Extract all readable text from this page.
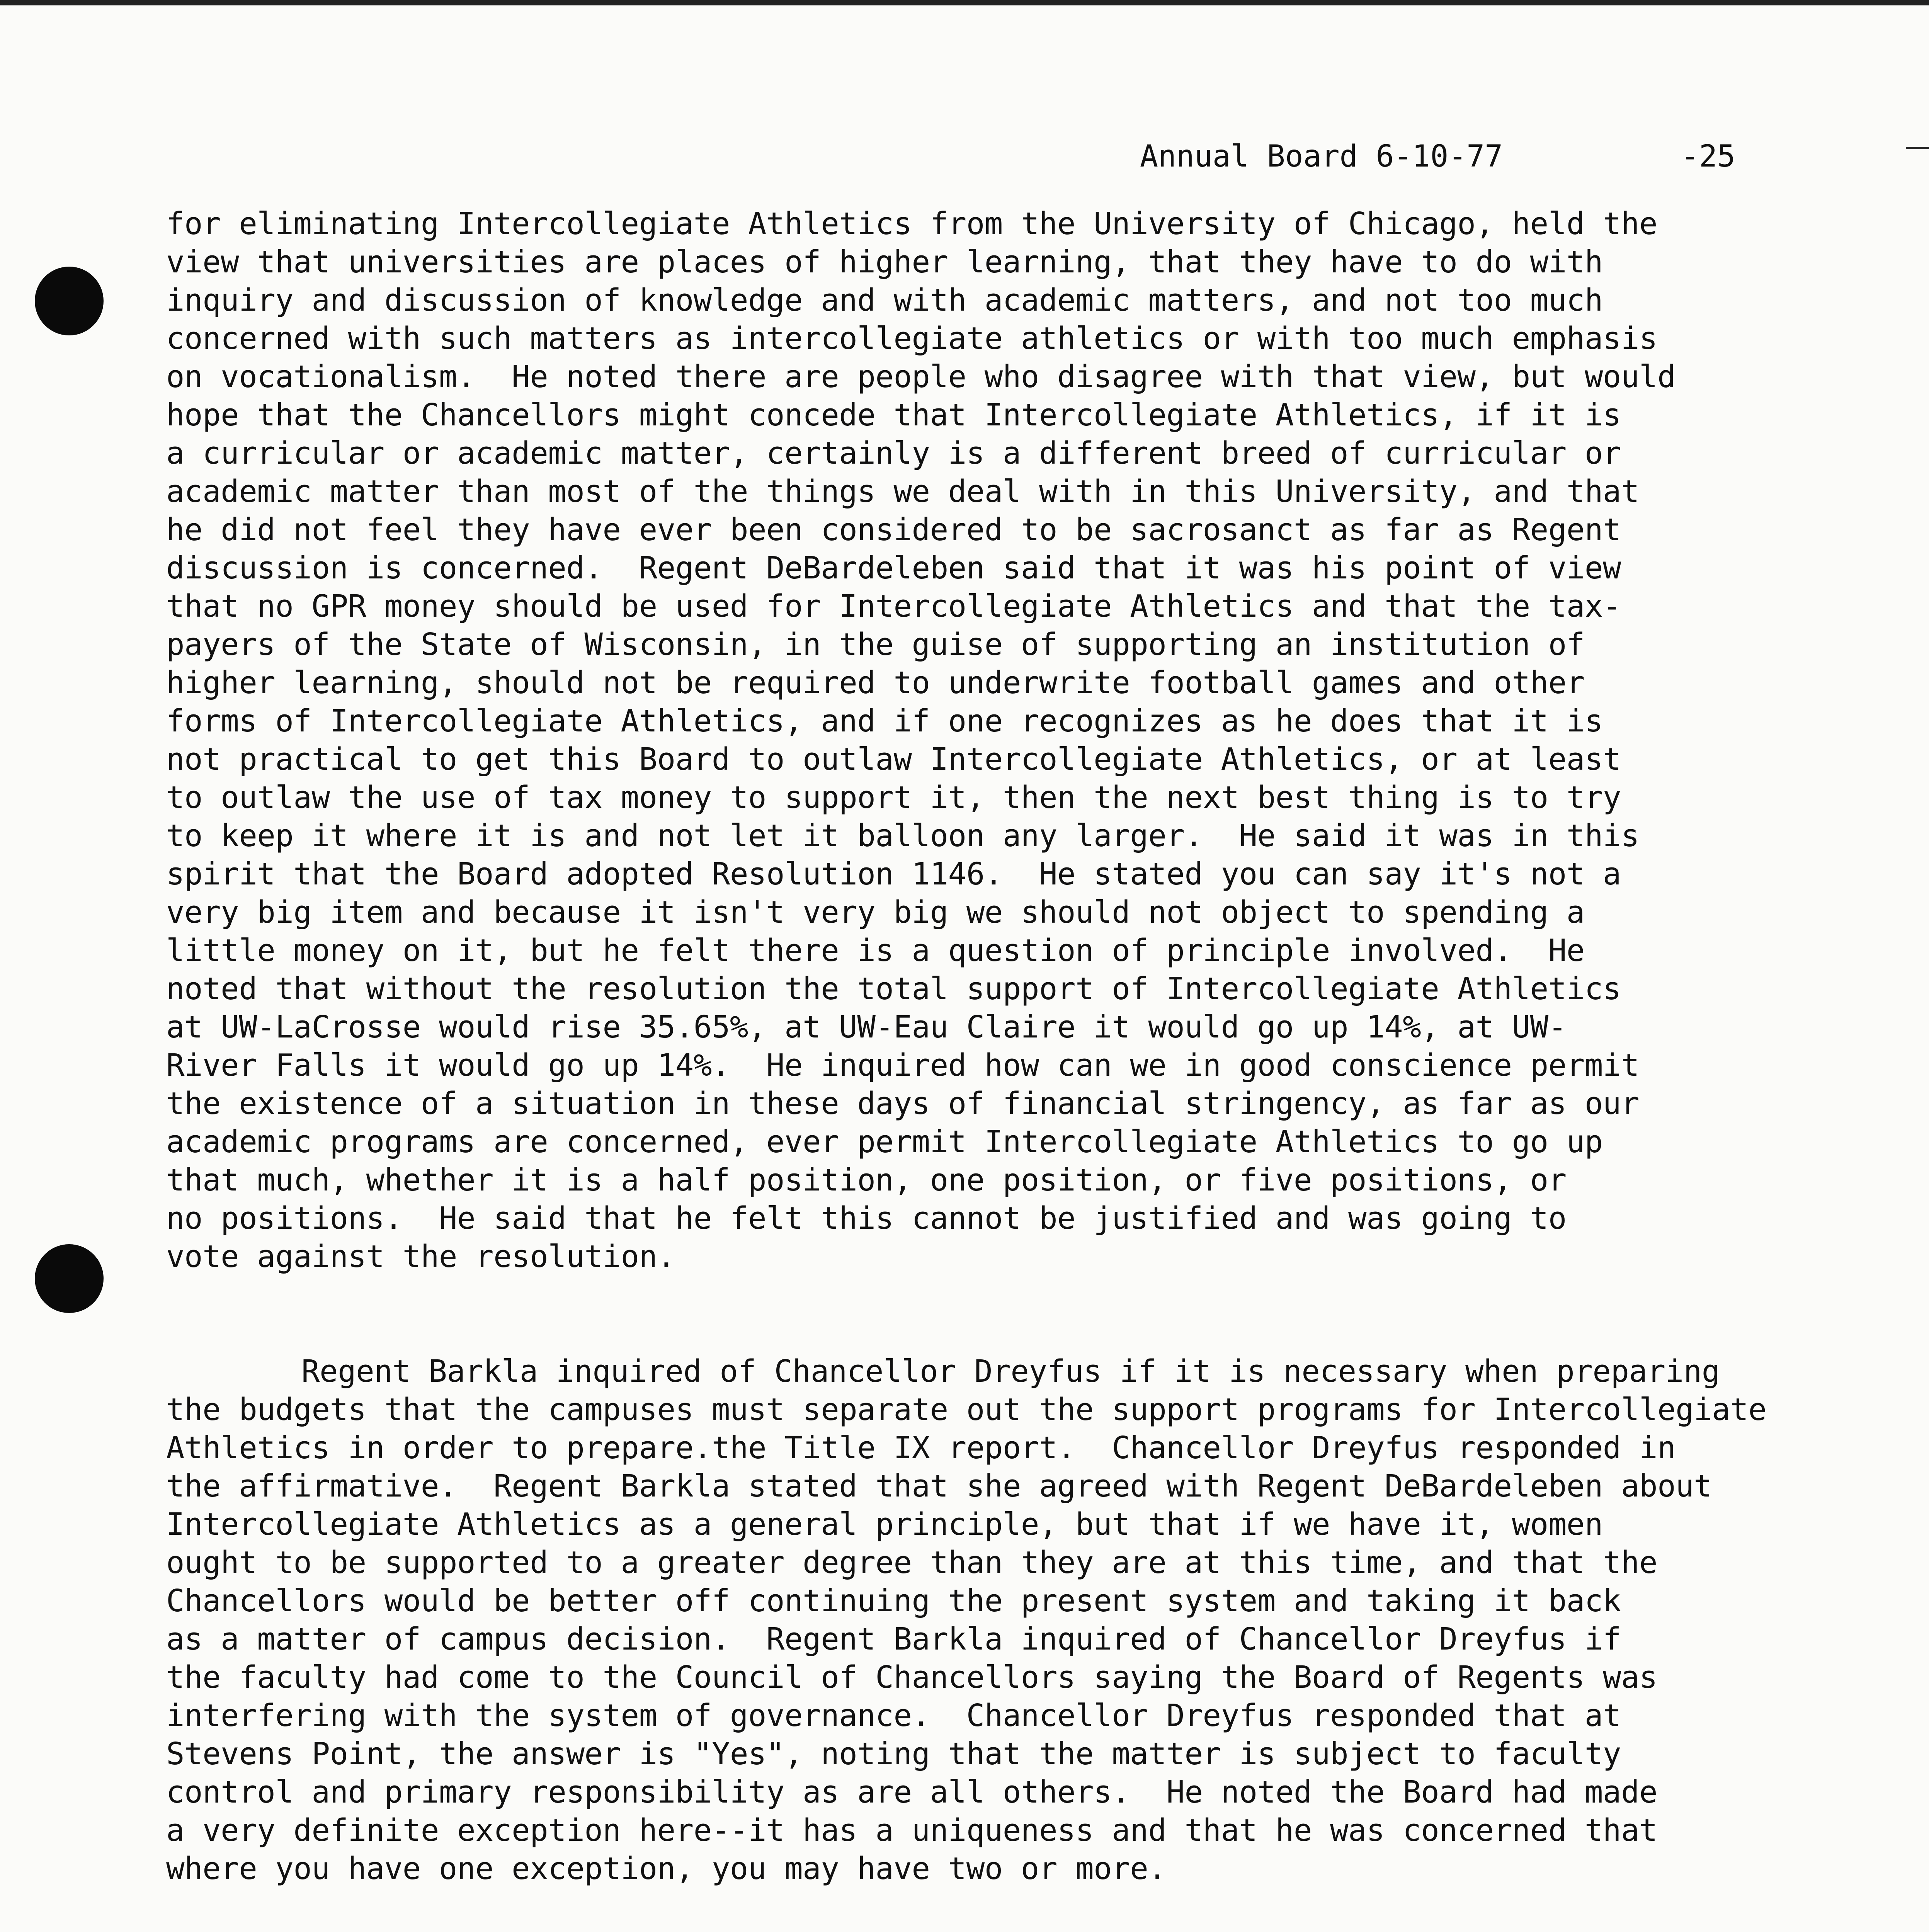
Annual Board 6-10-77	-25
for eliminating Intercollegiate Athletics from the University of Chicago, held the
view that universities are places of higher learning, that they have to do with
inquiry and discussion of knowledge and with academic matters, and not too much
concerned with such matters as intercollegiate athletics or with too much emphasis
on vocationalism.  He noted there are people who disagree with that view, but would
hope that the Chancellors might concede that Intercollegiate Athletics, if it is
a curricular or academic matter, certainly is a different breed of curricular or
academic matter than most of the things we deal with in this University, and that
he did not feel they have ever been considered to be sacrosanct as far as Regent
discussion is concerned.  Regent DeBardeleben said that it was his point of view
that no GPR money should be used for Intercollegiate Athletics and that the tax-
payers of the State of Wisconsin, in the guise of supporting an institution of
higher learning, should not be required to underwrite football games and other
forms of Intercollegiate Athletics, and if one recognizes as he does that it is
not practical to get this Board to outlaw Intercollegiate Athletics, or at least
to outlaw the use of tax money to support it, then the next best thing is to try
to keep it where it is and not let it balloon any larger.  He said it was in this
spirit that the Board adopted Resolution 1146.  He stated you can say it's not a
very big item and because it isn't very big we should not object to spending a
little money on it, but he felt there is a question of principle involved.  He
noted that without the resolution the total support of Intercollegiate Athletics
at UW-LaCrosse would rise 35.65%, at UW-Eau Claire it would go up 14%, at UW-
River Falls it would go up 14%.  He inquired how can we in good conscience permit
the existence of a situation in these days of financial stringency, as far as our
academic programs are concerned, ever permit Intercollegiate Athletics to go up
that much, whether it is a half position, one position, or five positions, or
no positions.  He said that he felt this cannot be justified and was going to
vote against the resolution.
Regent Barkla inquired of Chancellor Dreyfus if it is necessary when preparing
the budgets that the campuses must separate out the support programs for Intercollegiate
Athletics in order to prepare.the Title IX report.  Chancellor Dreyfus responded in
the affirmative.  Regent Barkla stated that she agreed with Regent DeBardeleben about
Intercollegiate Athletics as a general principle, but that if we have it, women
ought to be supported to a greater degree than they are at this time, and that the
Chancellors would be better off continuing the present system and taking it back
as a matter of campus decision.  Regent Barkla inquired of Chancellor Dreyfus if
the faculty had come to the Council of Chancellors saying the Board of Regents was
interfering with the system of governance.  Chancellor Dreyfus responded that at
Stevens Point, the answer is "Yes", noting that the matter is subject to faculty
control and primary responsibility as are all others.  He noted the Board had made
a very definite exception here--it has a uniqueness and that he was concerned that
where you have one exception, you may have two or more.
